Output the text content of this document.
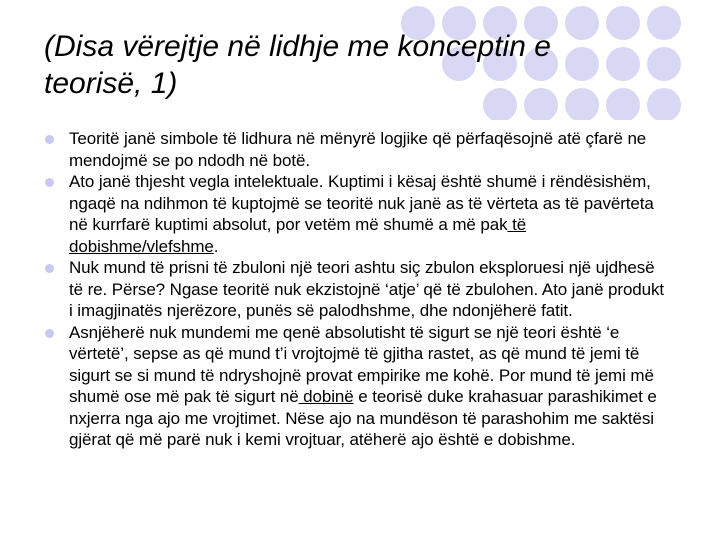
(Disa vërejtje në lidhje me konceptin e teorisë, 1)
Teoritë janë simbole të lidhura në mënyrë logjike që përfaqësojnë atë çfarë ne mendojmë se po ndodh në botë.
Ato janë thjesht vegla intelektuale. Kuptimi i kësaj është shumë i rëndësishëm, ngaqë na ndihmon të kuptojmë se teoritë nuk janë as të vërteta as të pavërteta në kurrfarë kuptimi absolut, por vetëm më shumë a më pak të dobishme/vlefshme.
Nuk mund të prisni të zbuloni një teori ashtu siç zbulon eksploruesi një ujdhesë të re. Përse? Ngase teoritë nuk ekzistojnë ‘atje’ që të zbulohen. Ato janë produkt i imagjinatës njerëzore, punës së palodhshme, dhe ndonjëherë fatit.
Asnjëherë nuk mundemi me qenë absolutisht të sigurt se një teori është ‘e vërtetë’, sepse as që mund t’i vrojtojmë të gjitha rastet, as që mund të jemi të sigurt se si mund të ndryshojnë provat empirike me kohë. Por mund të jemi më shumë ose më pak të sigurt në dobinë e teorisë duke krahasuar parashikimet e nxjerra nga ajo me vrojtimet. Nëse ajo na mundëson të parashohim me saktësi gjërat që më parë nuk i kemi vrojtuar, atëherë ajo është e dobishme.
